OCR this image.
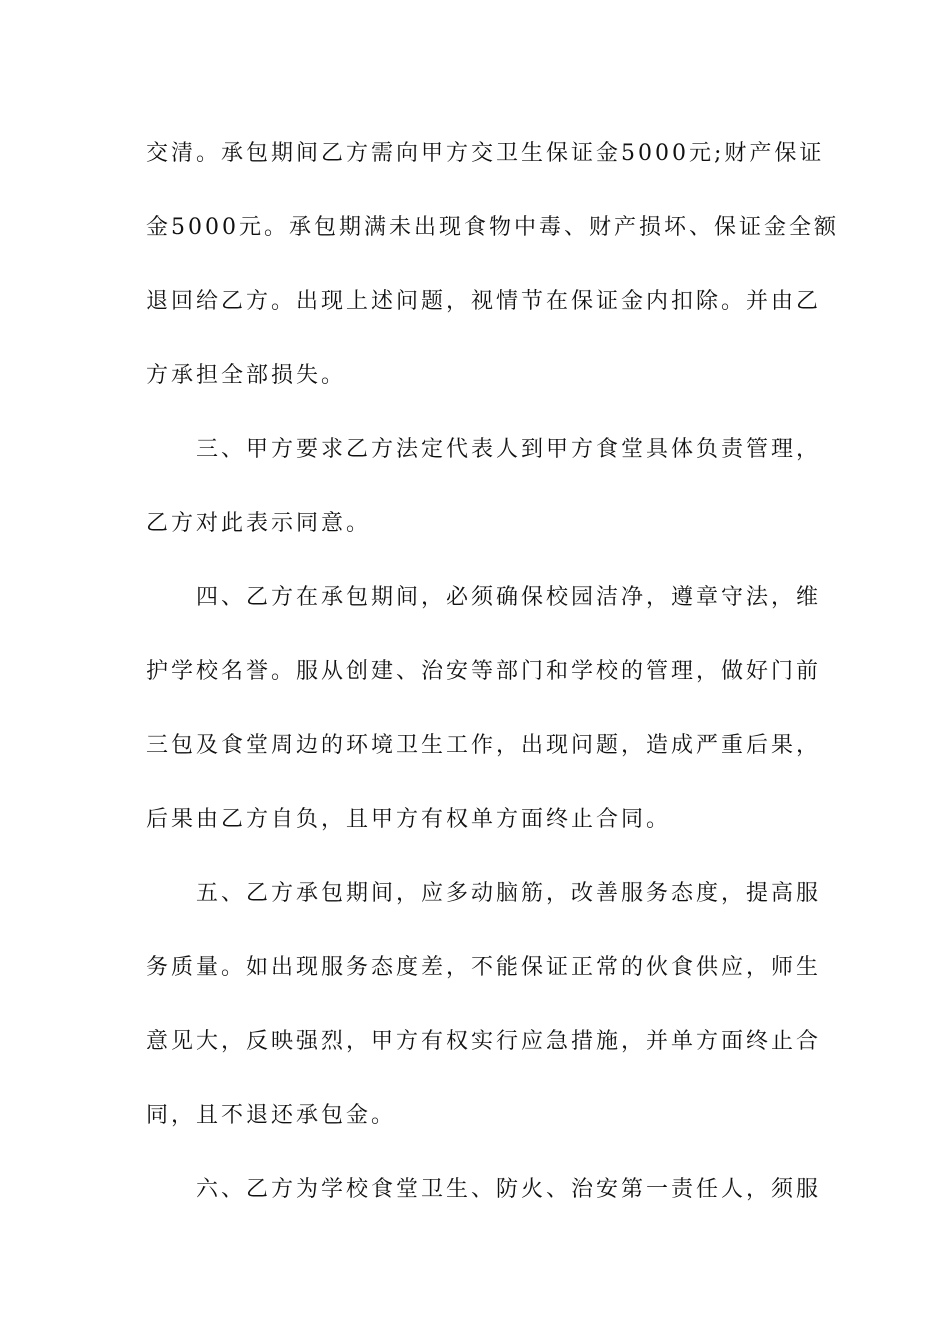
交清。承包期间乙方需向甲方交卫生保证金5000元;财产保证
金5000元。承包期满未出现食物中毒、财产损坏、保证金全额
退回给乙方。出现上述问题，视情节在保证金内扣除。并由乙
方承担全部损失。
　　三、甲方要求乙方法定代表人到甲方食堂具体负责管理，
乙方对此表示同意。
　　四、乙方在承包期间，必须确保校园洁净，遵章守法，维
护学校名誉。服从创建、治安等部门和学校的管理，做好门前
三包及食堂周边的环境卫生工作，出现问题，造成严重后果，
后果由乙方自负，且甲方有权单方面终止合同。
　　五、乙方承包期间，应多动脑筋，改善服务态度，提高服
务质量。如出现服务态度差，不能保证正常的伙食供应，师生
意见大，反映强烈，甲方有权实行应急措施，并单方面终止合
同，且不退还承包金。
　　六、乙方为学校食堂卫生、防火、治安第一责任人，须服
